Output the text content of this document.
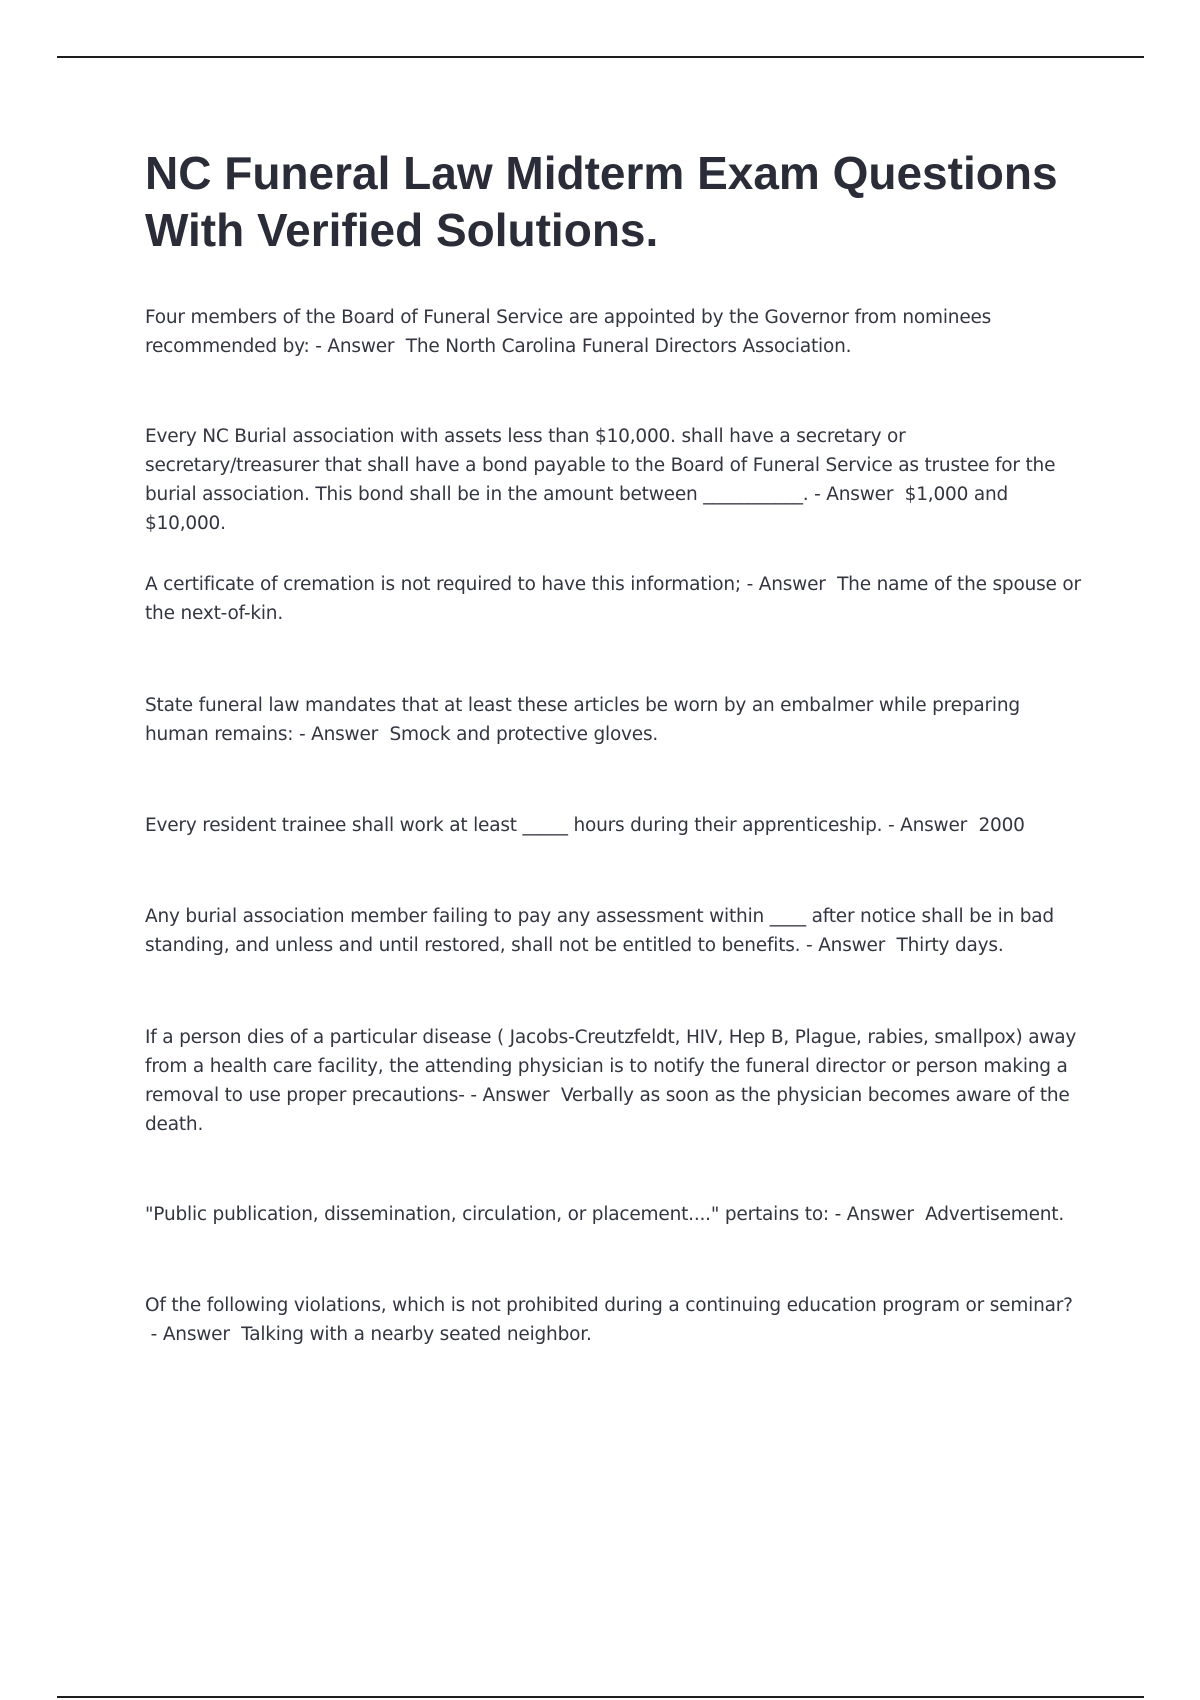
NC Funeral Law Midterm Exam Questions With Verified Solutions.

Four members of the Board of Funeral Service are appointed by the Governor from nominees recommended by: - Answer  The North Carolina Funeral Directors Association.

Every NC Burial association with assets less than $10,000. shall have a secretary or secretary/treasurer that shall have a bond payable to the Board of Funeral Service as trustee for the burial association. This bond shall be in the amount between ___________. - Answer  $1,000 and $10,000.

A certificate of cremation is not required to have this information; - Answer  The name of the spouse or the next-of-kin.

State funeral law mandates that at least these articles be worn by an embalmer while preparing human remains: - Answer  Smock and protective gloves.

Every resident trainee shall work at least _____ hours during their apprenticeship. - Answer  2000

Any burial association member failing to pay any assessment within ____ after notice shall be in bad standing, and unless and until restored, shall not be entitled to benefits. - Answer  Thirty days.

If a person dies of a particular disease ( Jacobs-Creutzfeldt, HIV, Hep B, Plague, rabies, smallpox) away from a health care facility, the attending physician is to notify the funeral director or person making a removal to use proper precautions- - Answer  Verbally as soon as the physician becomes aware of the death.

"Public publication, dissemination, circulation, or placement...." pertains to: - Answer  Advertisement.

Of the following violations, which is not prohibited during a continuing education program or seminar? - Answer  Talking with a nearby seated neighbor.
